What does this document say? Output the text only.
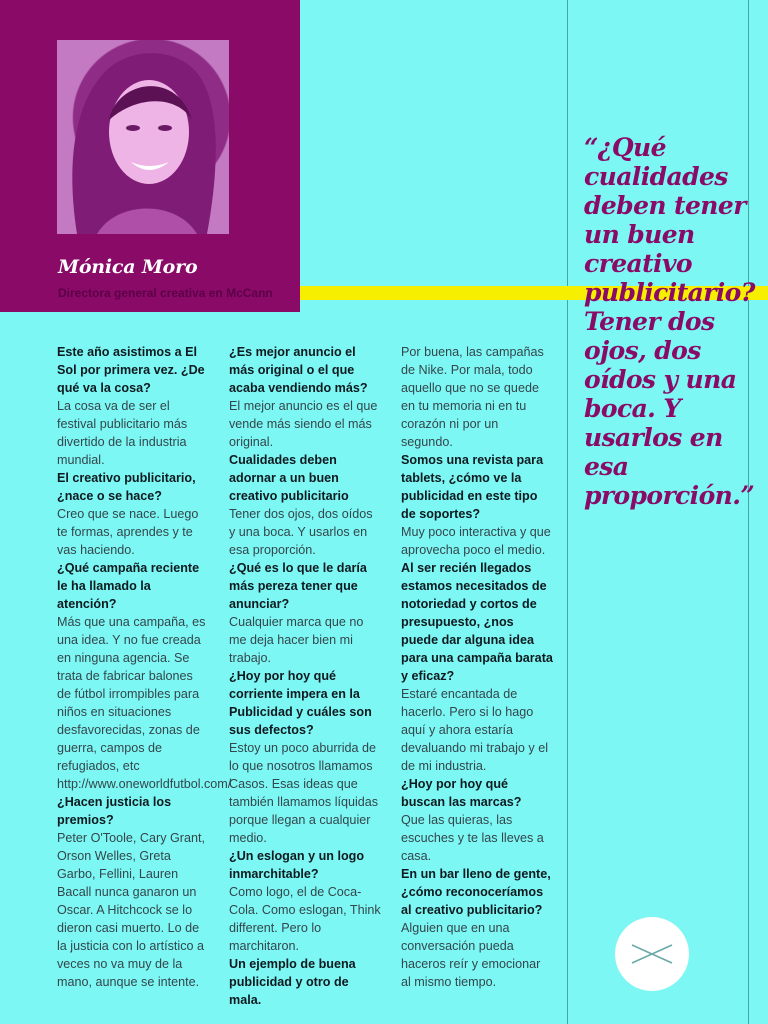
Mónica Moro
Directora general creativa en McCann

Este año asistimos a El Sol por primera vez. ¿De qué va la cosa?

La cosa va de ser el festival publicitario más divertido de la industria mundial.

El creativo publicitario, ¿nace o se hace?

Creo que se nace. Luego te formas, aprendes y te vas haciendo.

¿Qué campaña reciente le ha llamado la atención?

Más que una campaña, es una idea. Y no fue creada en ninguna agencia. Se trata de fabricar balones de fútbol irrompibles para niños en situaciones desfavorecidas, zonas de guerra, campos de refugiados, etc http://www.oneworldfutbol.com/

¿Hacen justicia los premios?

Peter O'Toole, Cary Grant, Orson Welles, Greta Garbo, Fellini, Lauren Bacall nunca ganaron un Oscar. A Hitchcock se lo dieron casi muerto. Lo de la justicia con lo artístico a veces no va muy de la mano, aunque se intente.

¿Es mejor anuncio el más original o el que acaba vendiendo más?

El mejor anuncio es el que vende más siendo el más original.

Cualidades deben adornar a un buen creativo publicitario

Tener dos ojos, dos oídos y una boca. Y usarlos en esa proporción.

¿Qué es lo que le daría más pereza tener que anunciar?

Cualquier marca que no me deja hacer bien mi trabajo.

¿Hoy por hoy qué corriente impera en la Publicidad y cuáles son sus defectos?

Estoy un poco aburrida de lo que nosotros llamamos Casos. Esas ideas que también llamamos líquidas porque llegan a cualquier medio.

¿Un eslogan y un logo inmarchitable?

Como logo, el de Coca-Cola. Como eslogan, Think different. Pero lo marchitaron.

Un ejemplo de buena publicidad y otro de mala.

Por buena, las campañas de Nike. Por mala, todo aquello que no se quede en tu memoria ni en tu corazón ni por un segundo.

Somos una revista para tablets, ¿cómo ve la publicidad en este tipo de soportes?

Muy poco interactiva y que aprovecha poco el medio.

Al ser recién llegados estamos necesitados de notoriedad y cortos de presupuesto, ¿nos puede dar alguna idea para una campaña barata y eficaz?

Estaré encantada de hacerlo. Pero si lo hago aquí y ahora estaría devaluando mi trabajo y el de mi industria.

¿Hoy por hoy qué buscan las marcas?

Que las quieras, las escuches y te las lleves a casa.

En un bar lleno de gente, ¿cómo reconoceríamos al creativo publicitario?

Alguien que en una conversación pueda haceros reír y emocionar al mismo tiempo.

“¿Qué cualidades deben tener un buen creativo publicitario? Tener dos ojos, dos oídos y una boca. Y usarlos en esa proporción.”
